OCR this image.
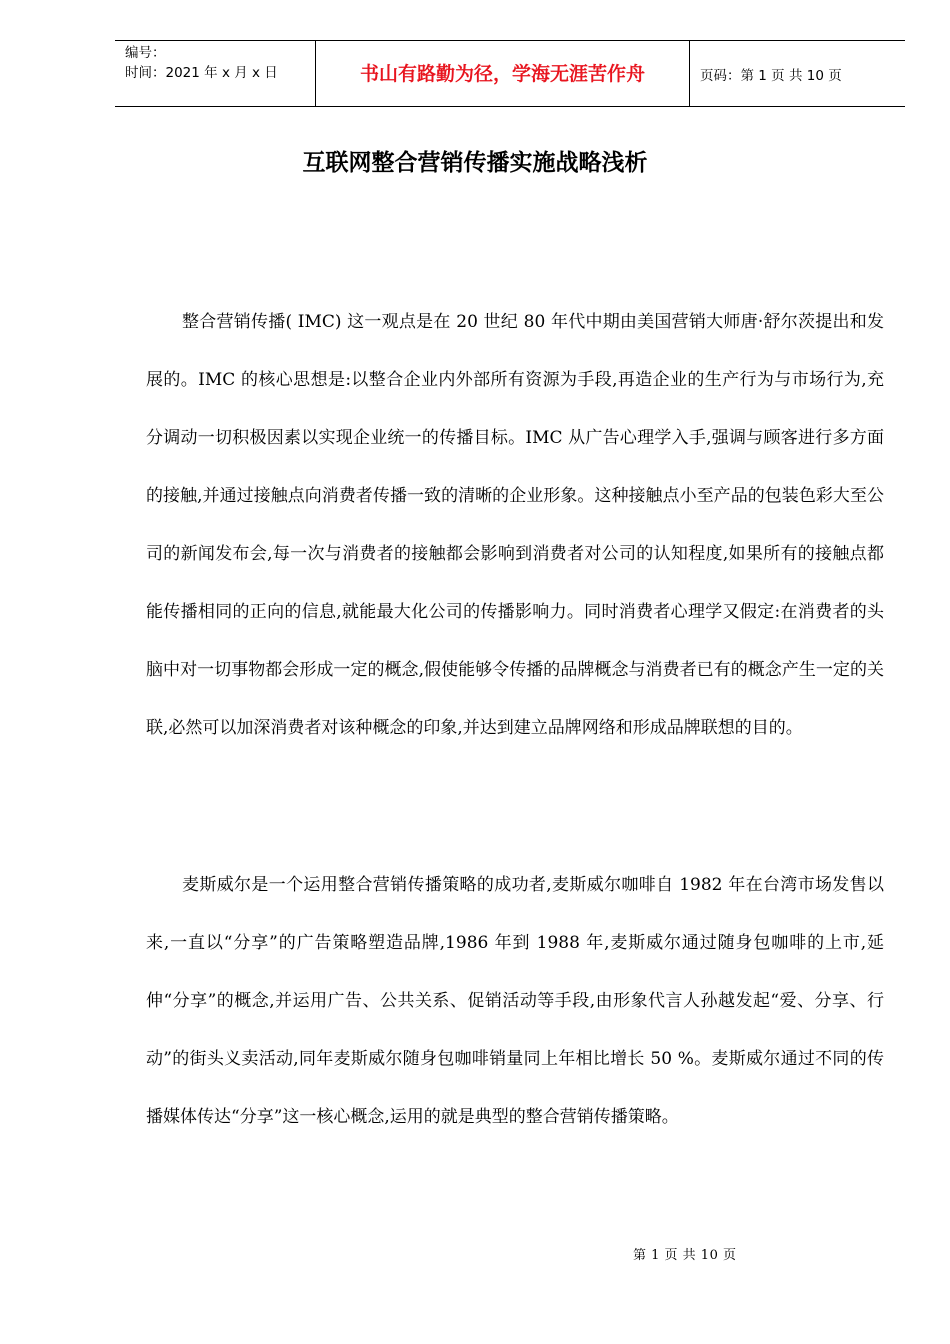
编号：
时间：2021 年 x 月 x 日	书山有路勤为径，学海无涯苦作舟	页码：第 1 页 共 10 页
互联网整合营销传播实施战略浅析

整合营销传播( IMC) 这一观点是在 20 世纪 80 年代中期由美国营销大师唐·舒尔茨提出和发展的。IMC 的核心思想是:以整合企业内外部所有资源为手段,再造企业的生产行为与市场行为,充分调动一切积极因素以实现企业统一的传播目标。IMC 从广告心理学入手,强调与顾客进行多方面的接触,并通过接触点向消费者传播一致的清晰的企业形象。这种接触点小至产品的包装色彩大至公司的新闻发布会,每一次与消费者的接触都会影响到消费者对公司的认知程度,如果所有的接触点都能传播相同的正向的信息,就能最大化公司的传播影响力。同时消费者心理学又假定:在消费者的头脑中对一切事物都会形成一定的概念,假使能够令传播的品牌概念与消费者已有的概念产生一定的关联,必然可以加深消费者对该种概念的印象,并达到建立品牌网络和形成品牌联想的目的。

麦斯威尔是一个运用整合营销传播策略的成功者,麦斯威尔咖啡自 1982 年在台湾市场发售以来,一直以“分享”的广告策略塑造品牌,1986 年到 1988 年,麦斯威尔通过随身包咖啡的上市,延伸“分享”的概念,并运用广告、公共关系、促销活动等手段,由形象代言人孙越发起“爱、分享、行动”的街头义卖活动,同年麦斯威尔随身包咖啡销量同上年相比增长 50 %。麦斯威尔通过不同的传播媒体传达“分享”这一核心概念,运用的就是典型的整合营销传播策略。

第 1 页 共 10 页
